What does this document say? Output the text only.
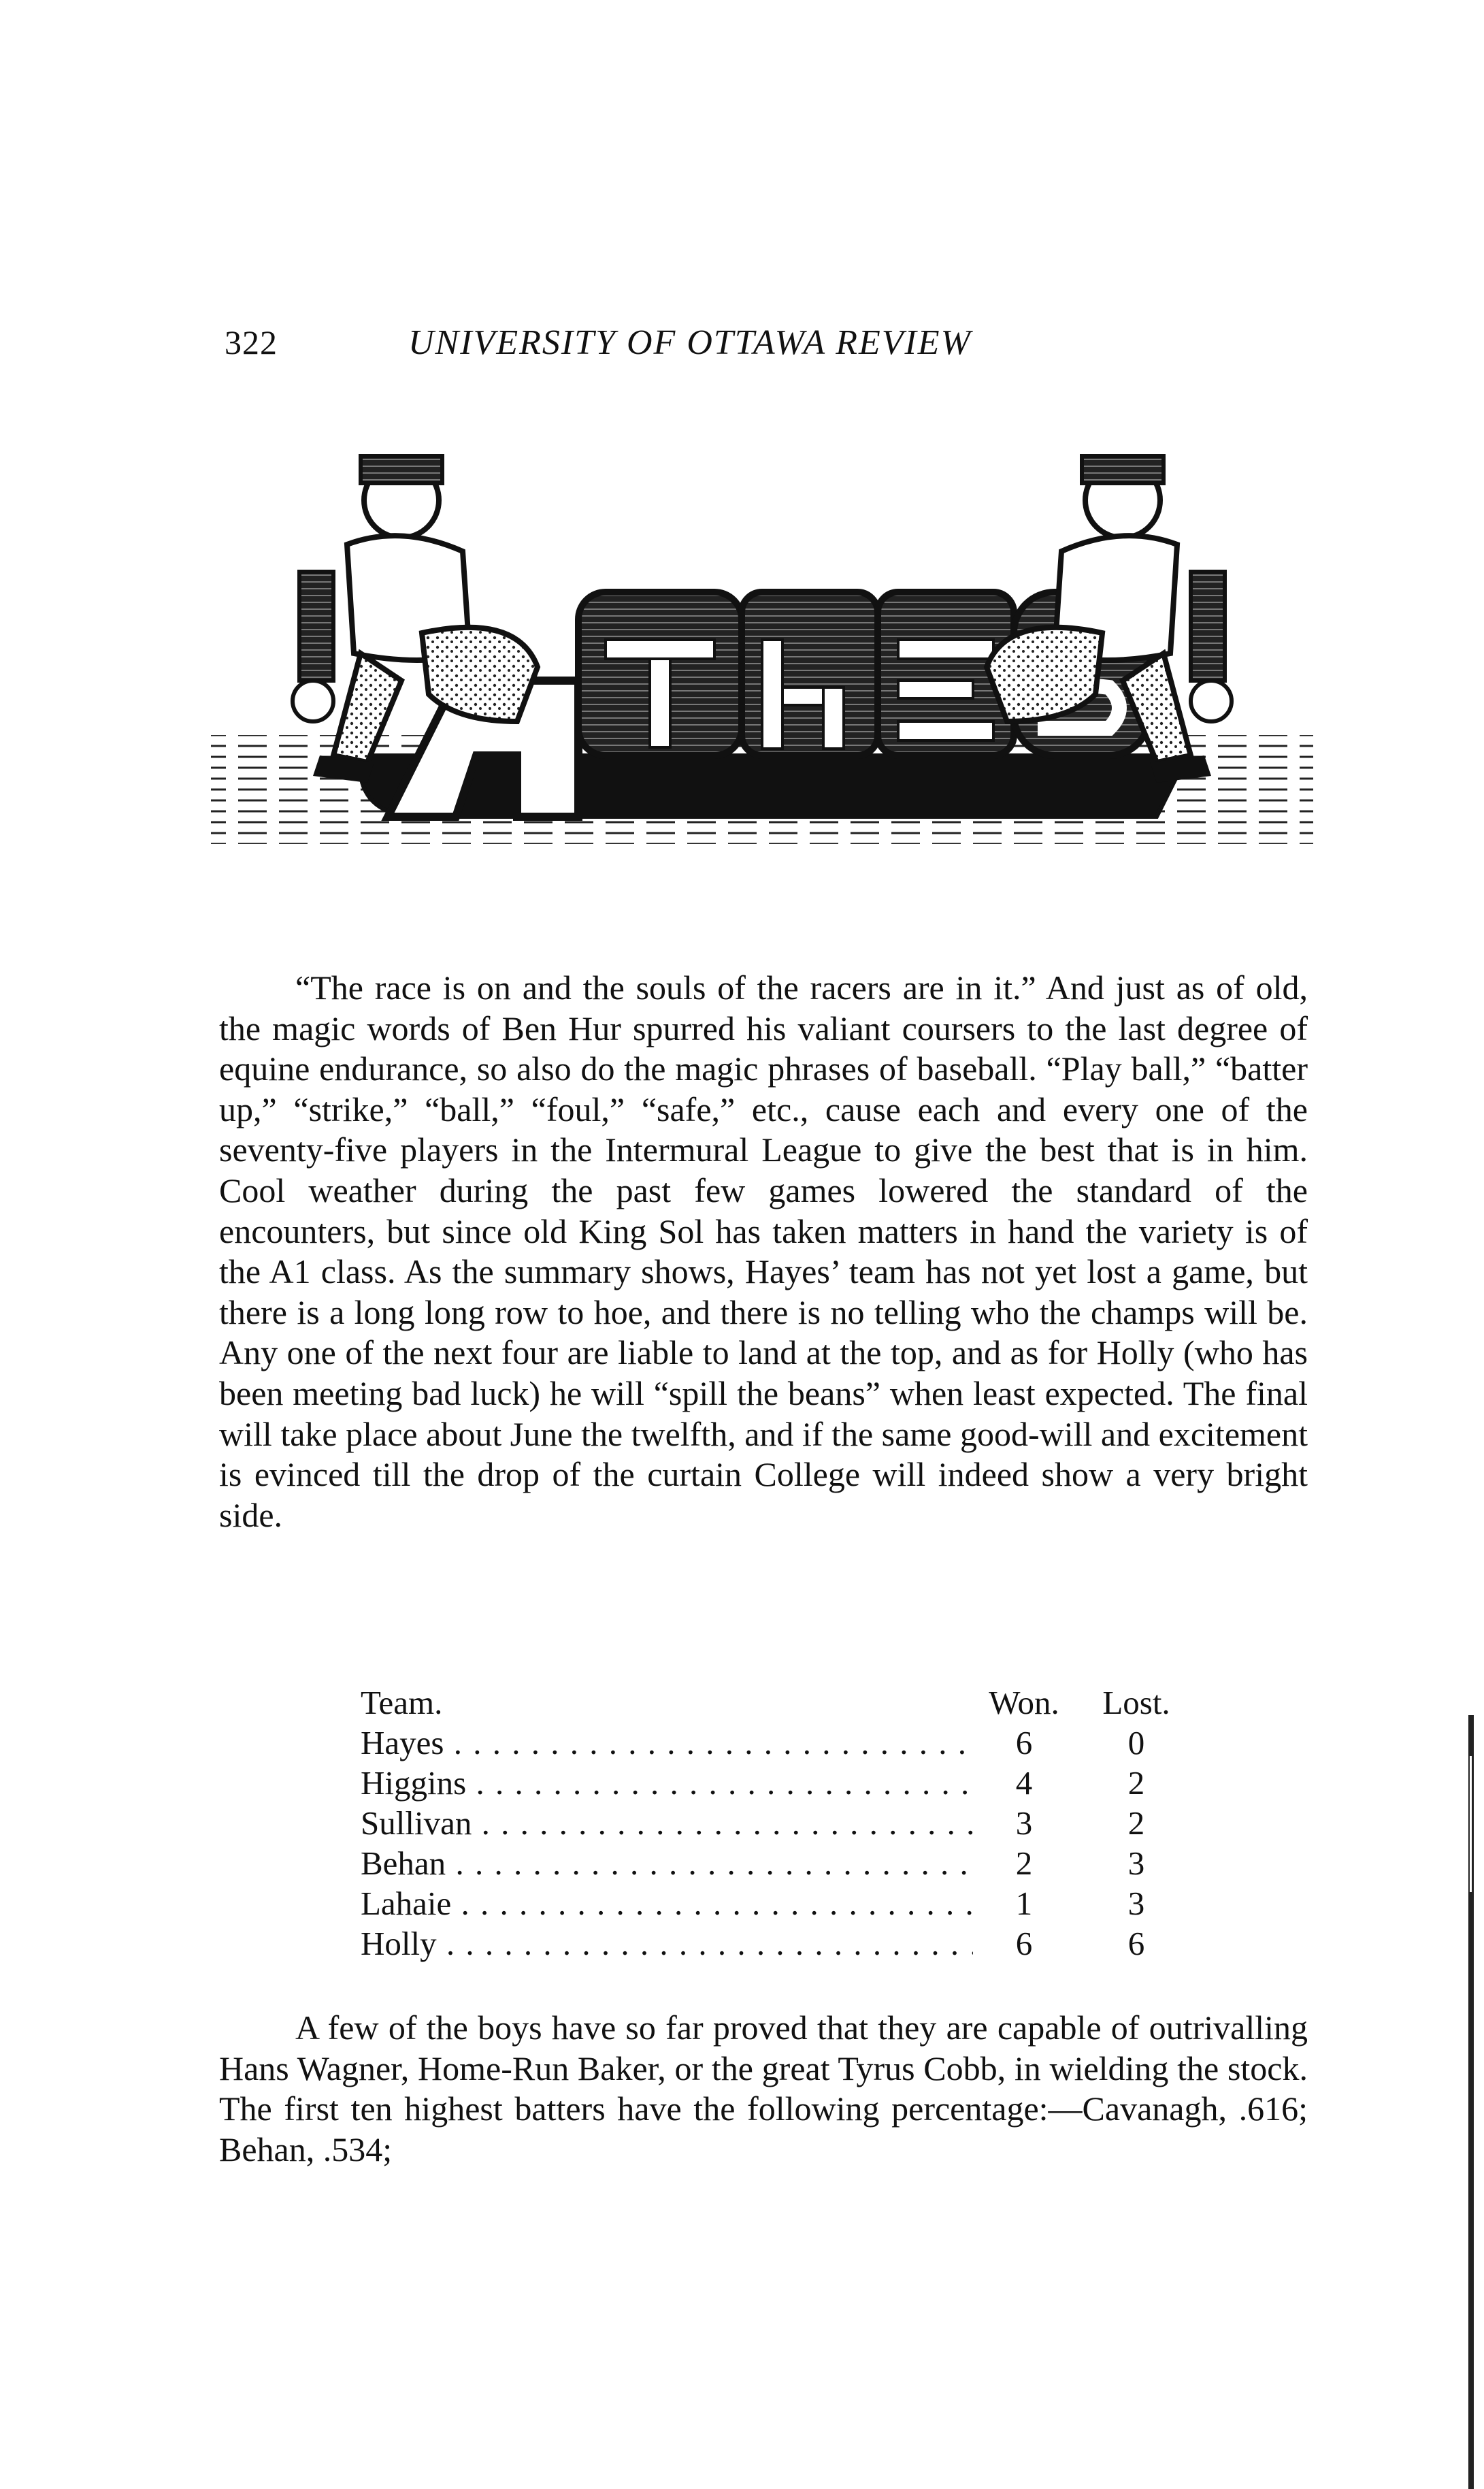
322	UNIVERSITY OF OTTAWA REVIEW

“The race is on and the souls of the racers are in it.” And just as of old, the magic words of Ben Hur spurred his valiant coursers to the last degree of equine endurance, so also do the magic phrases of baseball. “Play ball,” “batter up,” “strike,” “ball,” “foul,” “safe,” etc., cause each and every one of the seventy-five players in the Intermural League to give the best that is in him. Cool weather during the past few games lowered the standard of the encounters, but since old King Sol has taken matters in hand the variety is of the A1 class. As the summary shows, Hayes’ team has not yet lost a game, but there is a long long row to hoe, and there is no telling who the champs will be. Any one of the next four are liable to land at the top, and as for Holly (who has been meeting bad luck) he will “spill the beans” when least expected. The final will take place about June the twelfth, and if the same good-will and excitement is evinced till the drop of the curtain College will indeed show a very bright side.

Team.	Won.	Lost.

Hayes . . .	6	0

Higgins . . .	4	2

Sullivan . . .	3	2

Behan . . .	2	3

Lahaie . . .	1	3

Holly . . .	6	6

A few of the boys have so far proved that they are capable of outrivalling Hans Wagner, Home-Run Baker, or the great Tyrus Cobb, in wielding the stock. The first ten highest batters have the following percentage:—Cavanagh, .616; Behan, .534;
